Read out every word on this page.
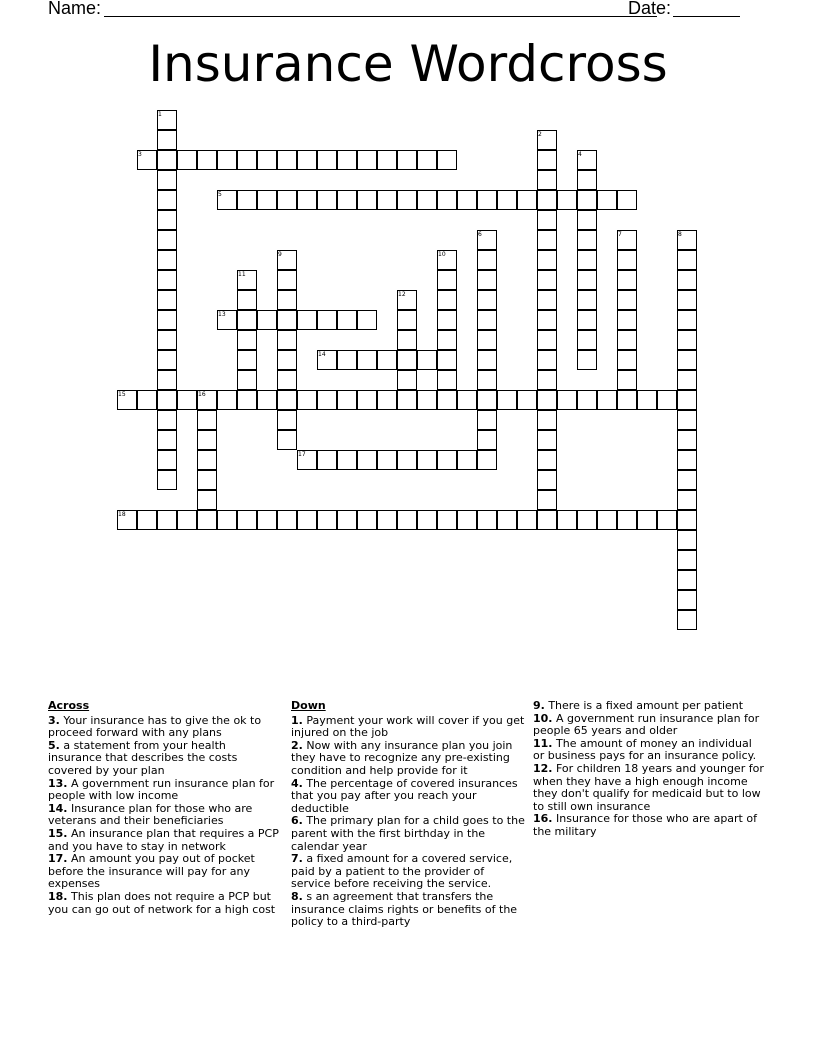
Name:	Date:
Insurance Wordcross
1
2
3	4
5
6	7	8
9	10
11
12
13
14
15	16
17
18
Across
3. Your insurance has to give the ok to proceed forward with any plans
5. a statement from your health insurance that describes the costs covered by your plan
13. A government run insurance plan for people with low income
14. Insurance plan for those who are veterans and their beneficiaries
15. An insurance plan that requires a PCP and you have to stay in network
17. An amount you pay out of pocket before the insurance will pay for any expenses
18. This plan does not require a PCP but you can go out of network for a high cost
Down
1. Payment your work will cover if you get injured on the job
2. Now with any insurance plan you join they have to recognize any pre-existing condition and help provide for it
4. The percentage of covered insurances that you pay after you reach your deductible
6. The primary plan for a child goes to the parent with the first birthday in the calendar year
7. a fixed amount for a covered service, paid by a patient to the provider of service before receiving the service.
8. s an agreement that transfers the insurance claims rights or benefits of the policy to a third-party
9. There is a fixed amount per patient
10. A government run insurance plan for people 65 years and older
11. The amount of money an individual or business pays for an insurance policy.
12. For children 18 years and younger for when they have a high enough income they don't qualify for medicaid but to low to still own insurance
16. Insurance for those who are apart of the military
